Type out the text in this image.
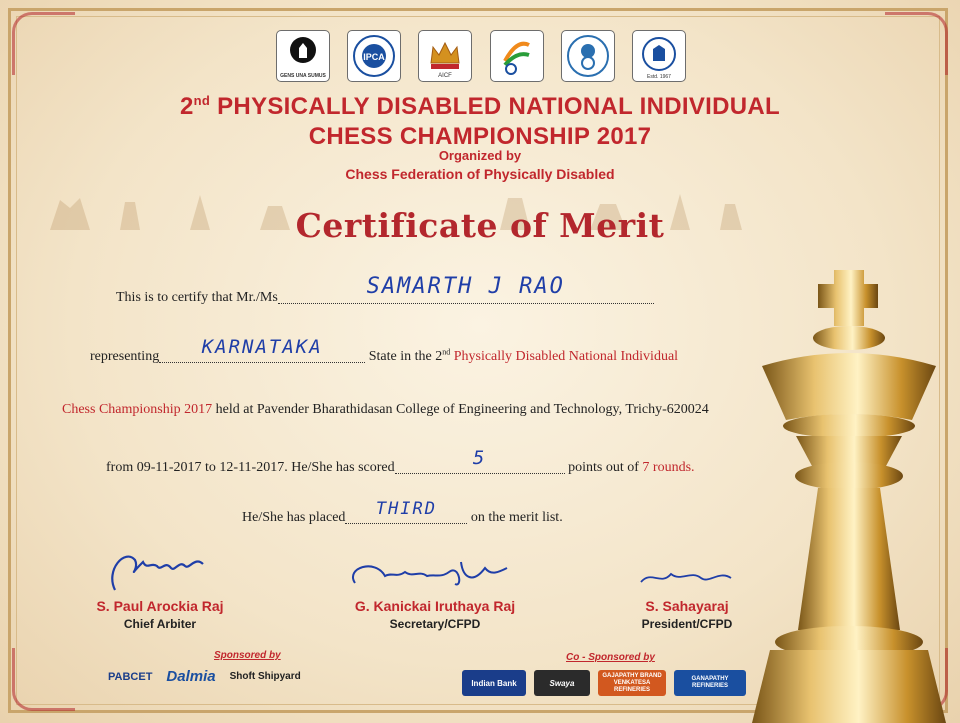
GENS UNA SUMUS
IPCA
AICF	Estd. 1967
2nd PHYSICALLY DISABLED NATIONAL INDIVIDUAL
CHESS CHAMPIONSHIP 2017
Organized by
Chess Federation of Physically Disabled
Certificate of Merit
This is to certify that Mr./Ms	SAMARTH J RAO
representing	KARNATAKA	State in the 2nd Physically Disabled National Individual
Chess Championship 2017 held at Pavender Bharathidasan College of Engineering and Technology, Trichy-620024
from 09-11-2017 to 12-11-2017. He/She has scored	5	points out of 7 rounds.
He/She has placed	THIRD	on the merit list.
S. Paul Arockia Raj
Chief Arbiter
G. Kanickai Iruthaya Raj
Secretary/CFPD
S. Sahayaraj
President/CFPD
Sponsored by
PABCET Dalmia Shoft Shipyard
Co - Sponsored by
Indian Bank	Swaya
GAJAPATHY BRAND VENKATESA REFINERIES
GANAPATHY REFINERIES
